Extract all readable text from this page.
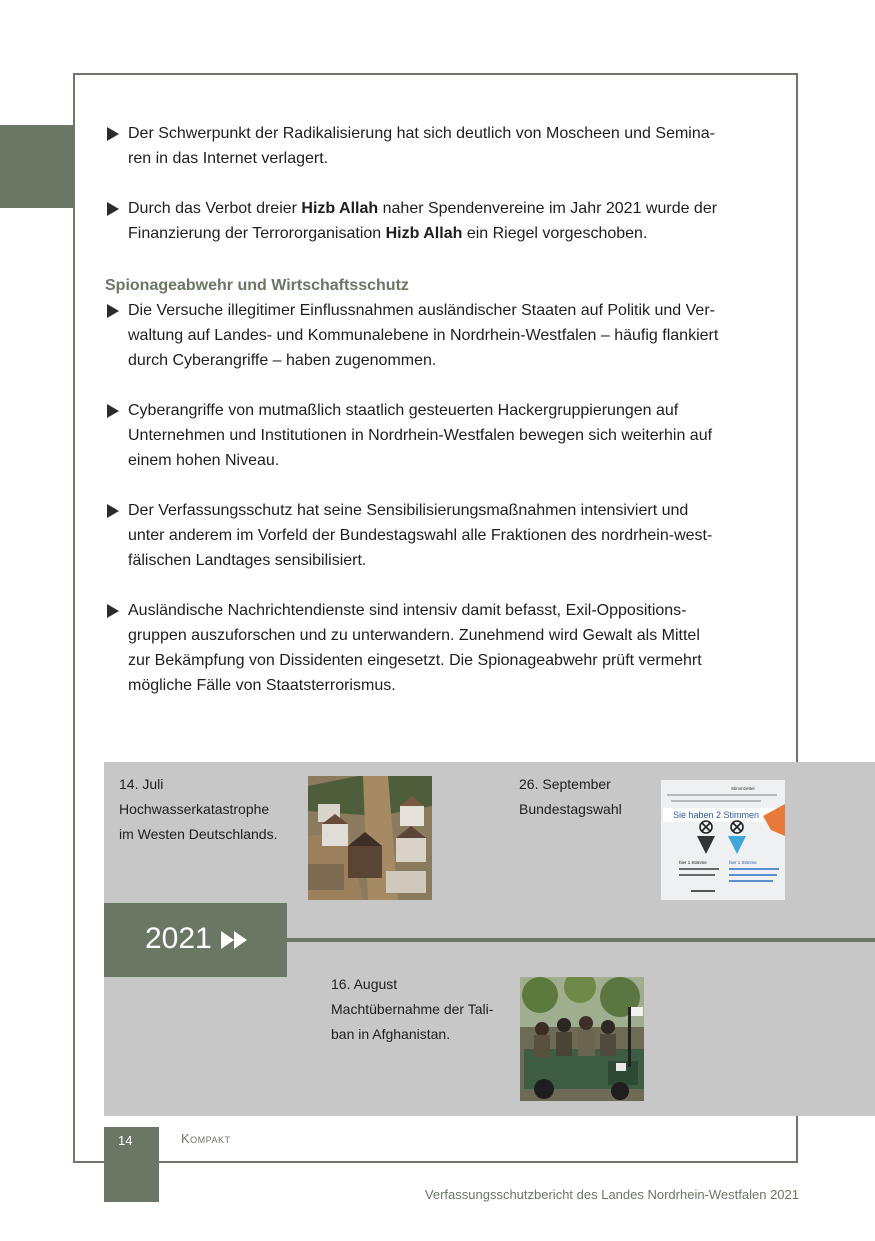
Der Schwerpunkt der Radikalisierung hat sich deutlich von Moscheen und Semina-
ren in das Internet verlagert.
Durch das Verbot dreier Hizb Allah naher Spendenvereine im Jahr 2021 wurde der
Finanzierung der Terrororganisation Hizb Allah ein Riegel vorgeschoben.

Spionageabwehr und Wirtschaftsschutz

Die Versuche illegitimer Einflussnahmen ausländischer Staaten auf Politik und Ver-
waltung auf Landes- und Kommunalebene in Nordrhein-Westfalen – häufig flankiert
durch Cyberangriffe – haben zugenommen.
Cyberangriffe von mutmaßlich staatlich gesteuerten Hackergruppierungen auf
Unternehmen und Institutionen in Nordrhein-Westfalen bewegen sich weiterhin auf
einem hohen Niveau.
Der Verfassungsschutz hat seine Sensibilisierungsmaßnahmen intensiviert und
unter anderem im Vorfeld der Bundestagswahl alle Fraktionen des nordrhein-west-
fälischen Landtages sensibilisiert.
Ausländische Nachrichtendienste sind intensiv damit befasst, Exil-Oppositions-
gruppen auszuforschen und zu unterwandern. Zunehmend wird Gewalt als Mittel
zur Bekämpfung von Dissidenten eingesetzt. Die Spionageabwehr prüft vermehrt
mögliche Fälle von Staatsterrorismus.
14. Juli
Hochwasserkatastrophe
im Westen Deutschlands.
26. September
Bundestagswahl
Stimmzettel
Sie haben 2 Stimmen
hier 1 Stimme	hier 1 Stimme
2021
16. August
Machtübernahme der Tali-
ban in Afghanistan.
14	Kompakt
Verfassungsschutzbericht des Landes Nordrhein-Westfalen 2021
